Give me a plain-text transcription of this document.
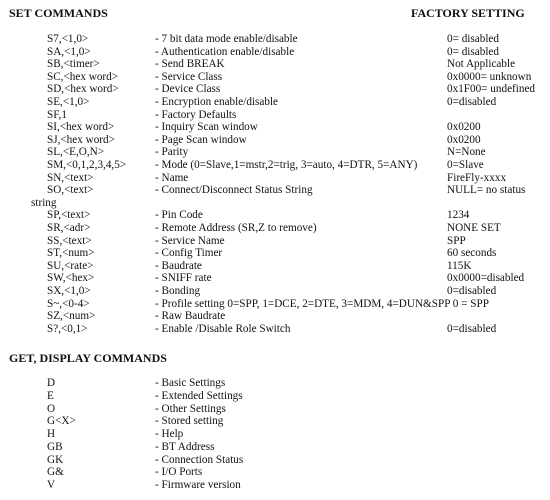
SET COMMANDS	FACTORY SETTING
S7,<1,0>	- 7 bit data mode enable/disable	0= disabled
SA,<1,0>	- Authentication enable/disable	0= disabled
SB,<timer>	- Send BREAK	Not Applicable
SC,<hex word>	- Service Class	0x0000= unknown
SD,<hex word>	- Device Class	0x1F00= undefined
SE,<1,0>	- Encryption enable/disable	0=disabled
SF,1	- Factory Defaults
SI,<hex word>	- Inquiry Scan window	0x0200
SJ,<hex word>	- Page Scan window	0x0200
SL,<E,O,N>	- Parity	N=None
SM,<0,1,2,3,4,5>	- Mode (0=Slave,1=mstr,2=trig, 3=auto, 4=DTR, 5=ANY)	0=Slave
SN,<text>	- Name	FireFly-xxxx
SO,<text>	- Connect/Disconnect Status String	NULL= no status
string
SP,<text>	- Pin Code	1234
SR,<adr>	- Remote Address (SR,Z to remove)	NONE SET
SS,<text>	- Service Name	SPP
ST,<num>	- Config Timer	60 seconds
SU,<rate>	- Baudrate	115K
SW,<hex>	- SNIFF rate	0x0000=disabled
SX,<1,0>	- Bonding	0=disabled
S~,<0-4>	- Profile setting 0=SPP, 1=DCE, 2=DTE, 3=MDM, 4=DUN&SPP 0 = SPP
SZ,<num>	- Raw Baudrate
S?,<0,1>	- Enable /Disable Role Switch	0=disabled
GET, DISPLAY COMMANDS
D	- Basic Settings
E	- Extended Settings
O	- Other Settings
G<X>	- Stored setting
H	- Help
GB	- BT Address
GK	- Connection Status
G&	- I/O Ports
V	- Firmware version
